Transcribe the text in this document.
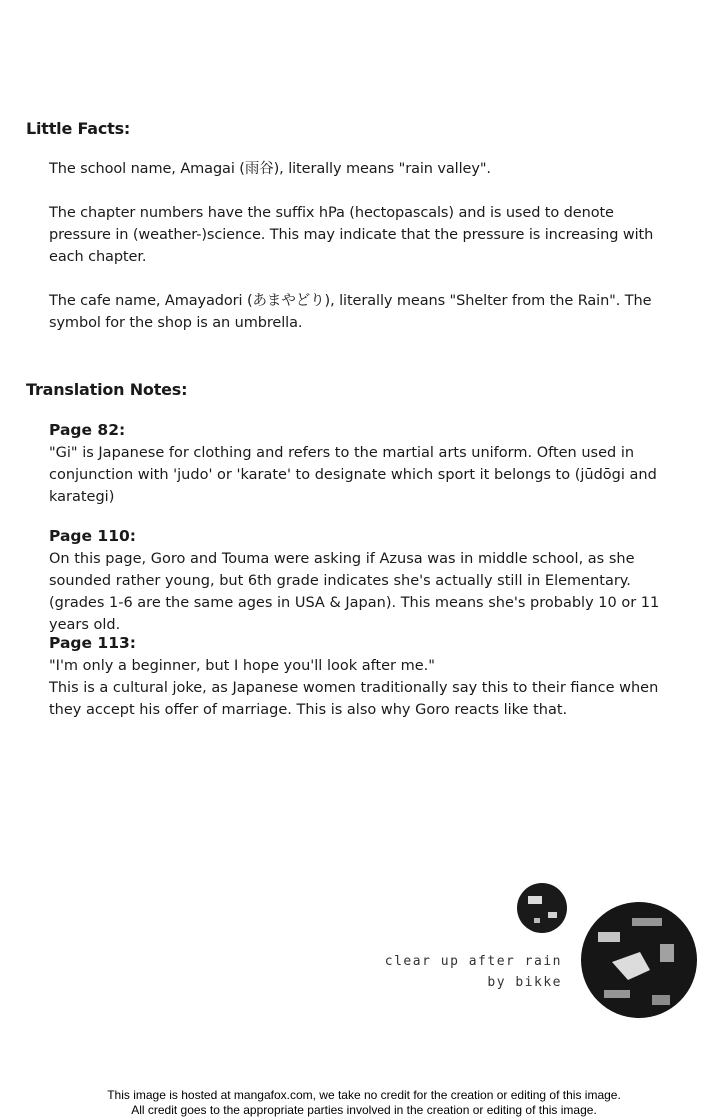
Little Facts:
The school name, Amagai (雨谷), literally means "rain valley".
The chapter numbers have the suffix hPa (hectopascals) and is used to denote pressure in (weather-)science. This may indicate that the pressure is increasing with each chapter.
The cafe name, Amayadori (あまやどり), literally means "Shelter from the Rain". The symbol for the shop is an umbrella.
Translation Notes:
Page 82:
"Gi" is Japanese for clothing and refers to the martial arts uniform. Often used in conjunction with 'judo' or 'karate' to designate which sport it belongs to (jūdōgi and karategi)
Page 110:
On this page, Goro and Touma were asking if Azusa was in middle school, as she sounded rather young, but 6th grade indicates she's actually still in Elementary. (grades 1-6 are the same ages in USA & Japan). This means she's probably 10 or 11 years old.
Page 113:
"I'm only a beginner, but I hope you'll look after me."
This is a cultural joke, as Japanese women traditionally say this to their fiance when they accept his offer of marriage. This is also why Goro reacts like that.
clear up after rain
by bikke
This image is hosted at mangafox.com, we take no credit for the creation or editing of this image.
All credit goes to the appropriate parties involved in the creation or editing of this image.
